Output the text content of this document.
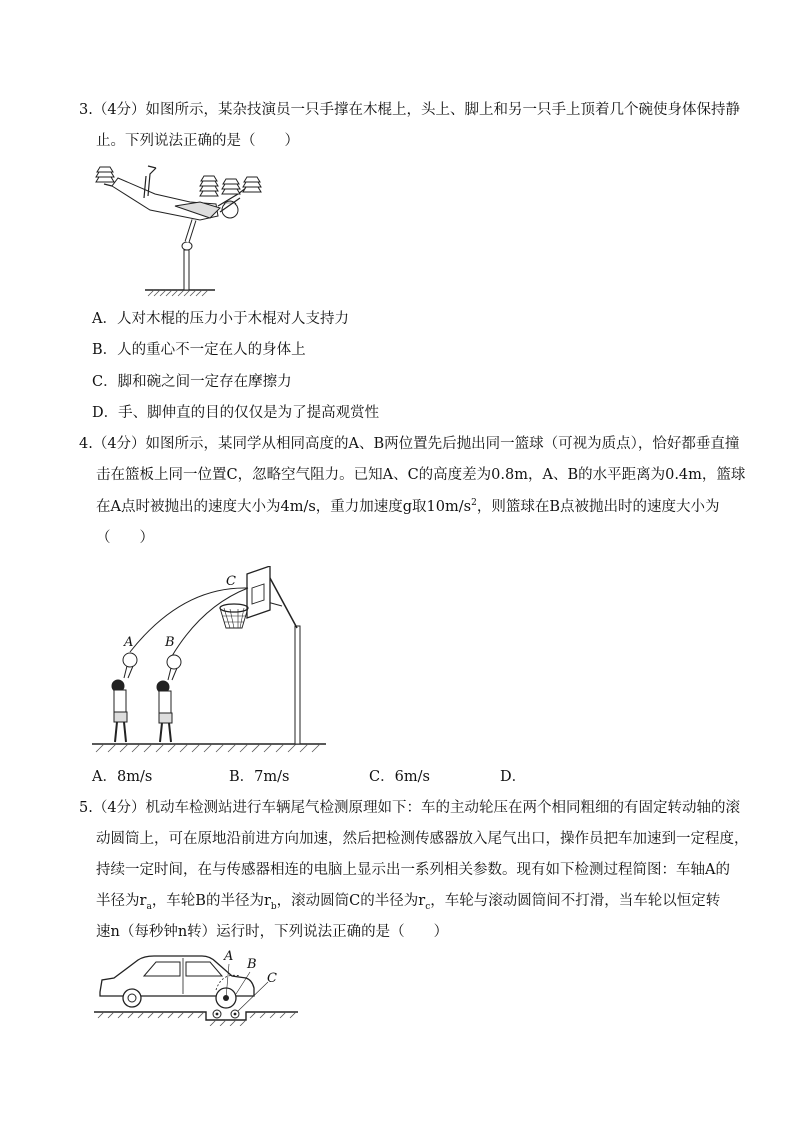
3.（4分）如图所示，某杂技演员一只手撑在木棍上，头上、脚上和另一只手上顶着几个碗使身体保持静
止。下列说法正确的是（　　）
A．人对木棍的压力小于木棍对人支持力
B．人的重心不一定在人的身体上
C．脚和碗之间一定存在摩擦力
D．手、脚伸直的目的仅仅是为了提高观赏性
4.（4分）如图所示，某同学从相同高度的A、B两位置先后抛出同一篮球（可视为质点），恰好都垂直撞
击在篮板上同一位置C，忽略空气阻力。已知A、C的高度差为0.8m，A、B的水平距离为0.4m，篮球
在A点时被抛出的速度大小为4m/s，重力加速度g取$10m/s^2$，则篮球在B点被抛出时的速度大小为
（　　）
C
A B
A．8m/s	B．7m/s	C．6m/s	D．
5.（4分）机动车检测站进行车辆尾气检测原理如下：车的主动轮压在两个相同粗细的有固定转动轴的滚
动圆筒上，可在原地沿前进方向加速，然后把检测传感器放入尾气出口，操作员把车加速到一定程度，
持续一定时间，在与传感器相连的电脑上显示出一系列相关参数。现有如下检测过程简图：车轴A的
半径为$r_a$，车轮B的半径为$r_b$，滚动圆筒C的半径为$r_c$，车轮与滚动圆筒间不打滑，当车轮以恒定转
速n（每秒钟n转）运行时，下列说法正确的是（　　）
A
B
C
